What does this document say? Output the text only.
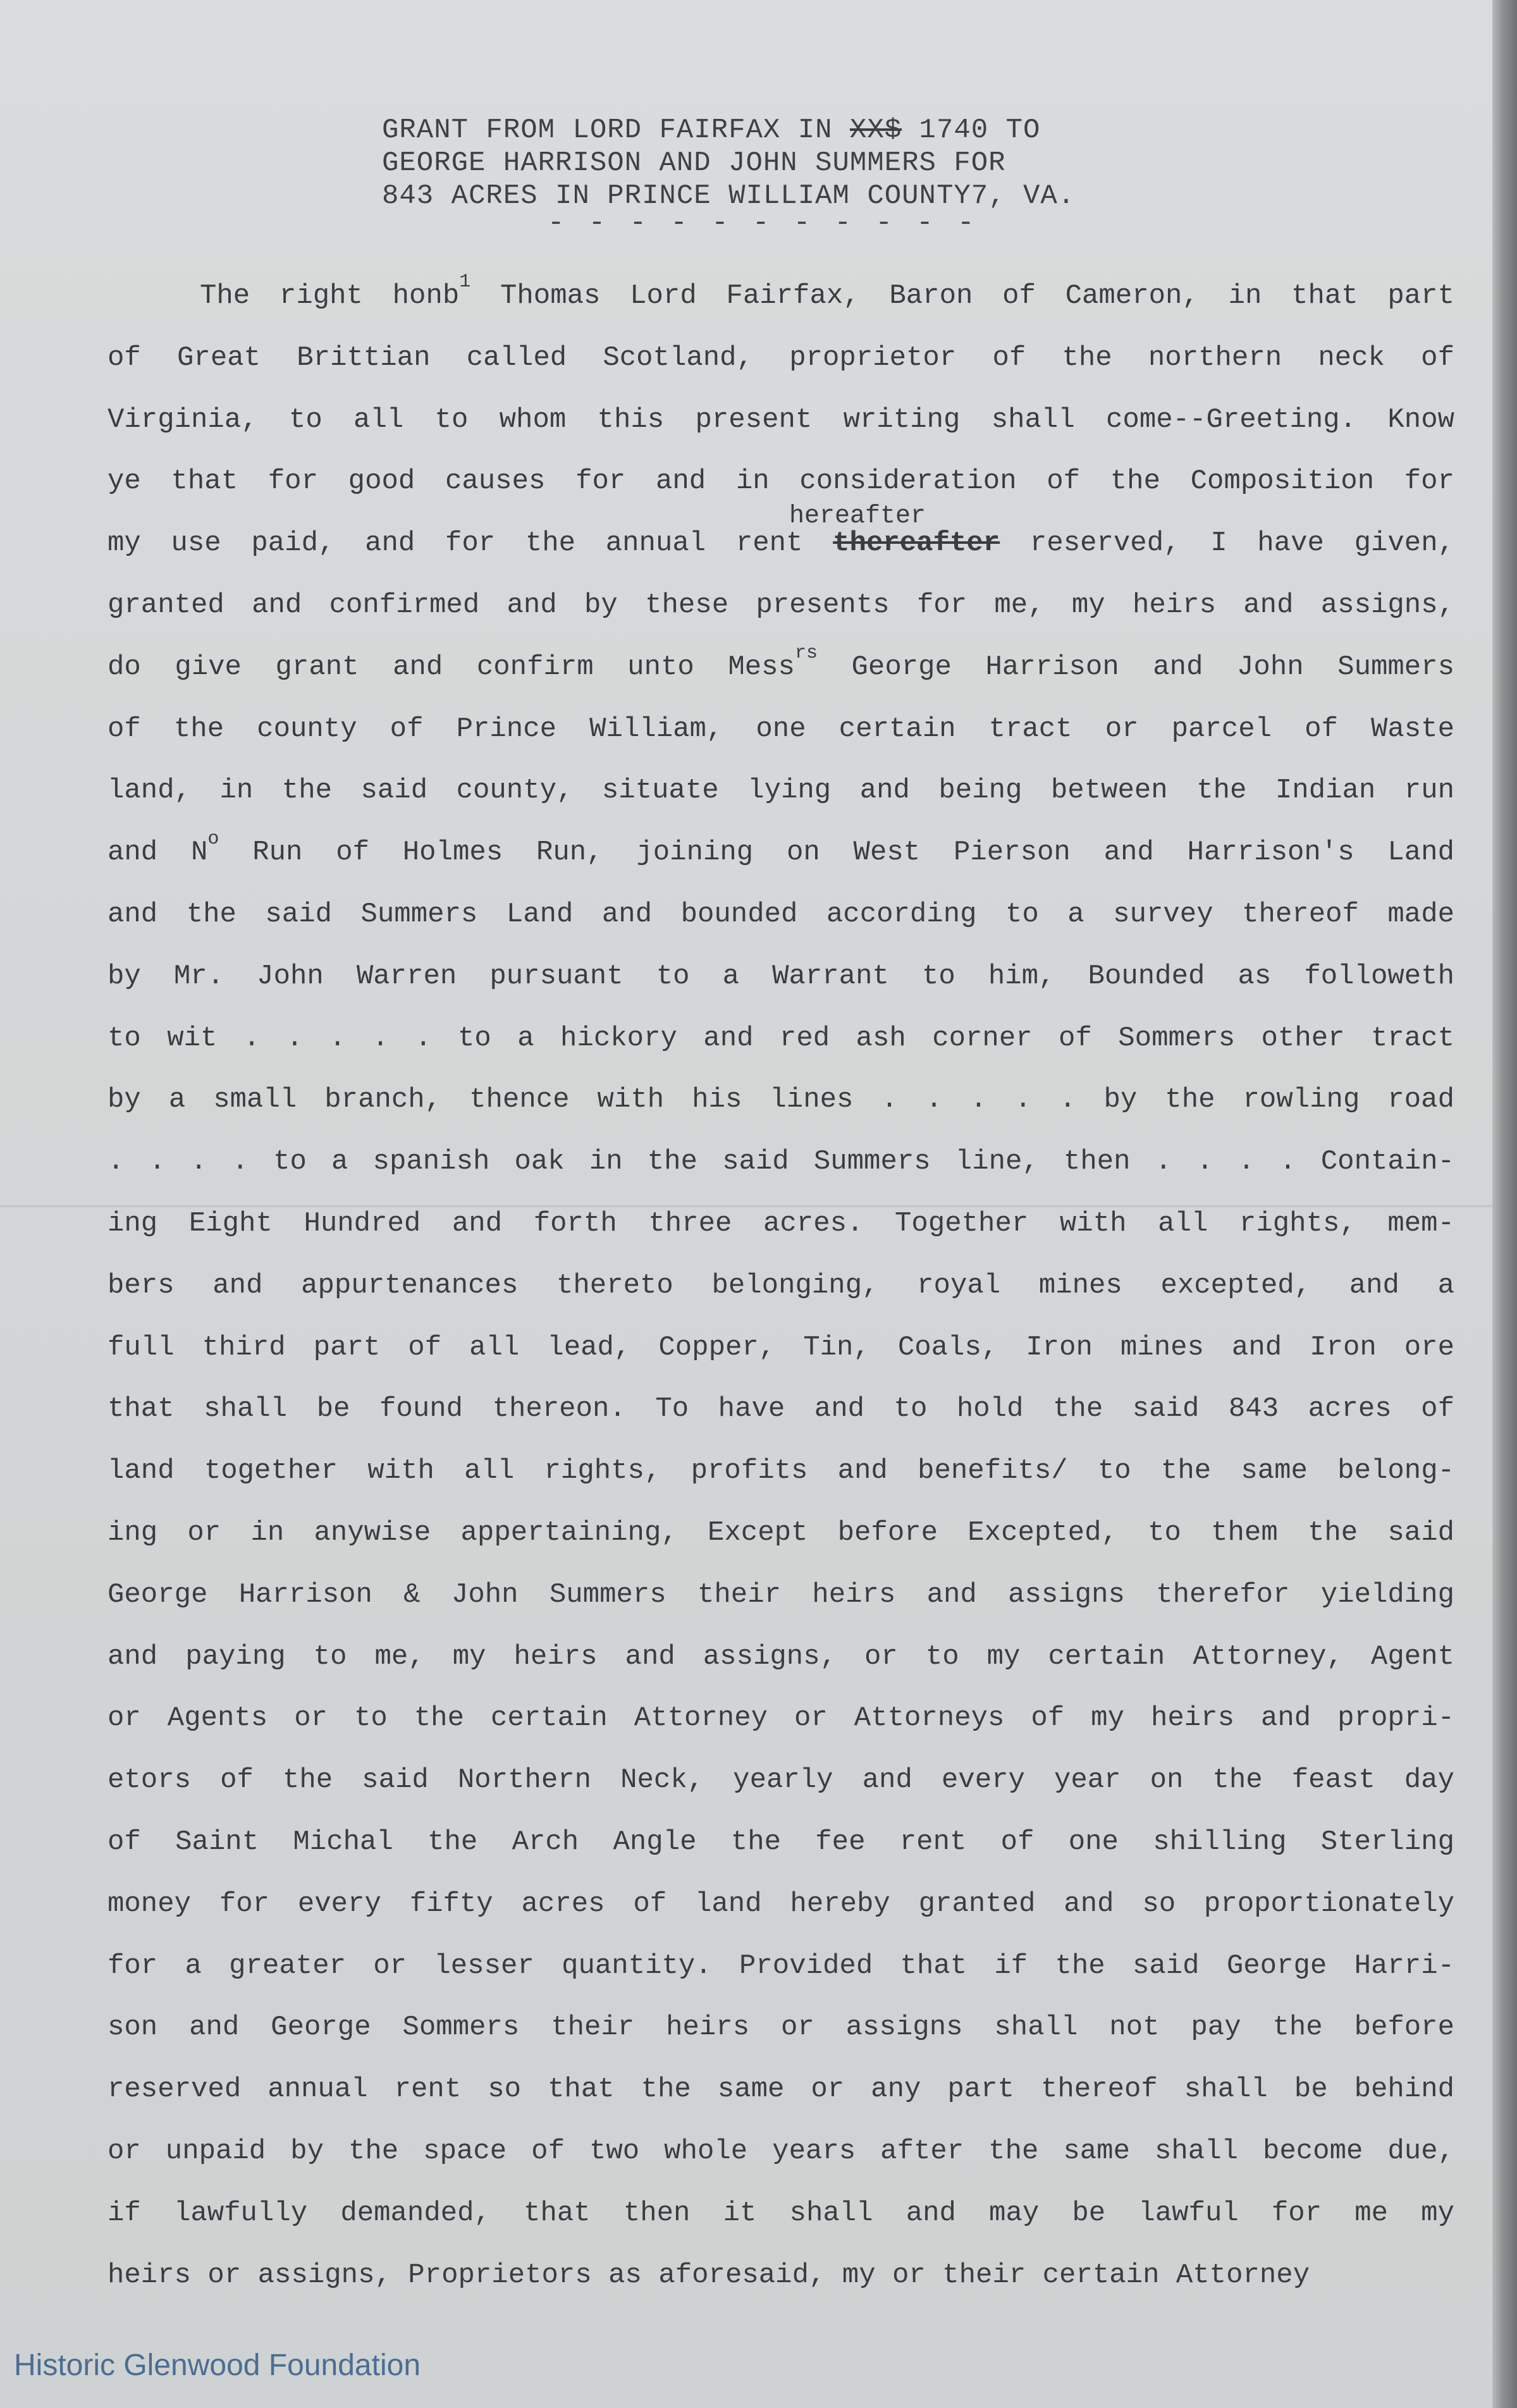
GRANT FROM LORD FAIRFAX IN XX$ 1740 TO
GEORGE HARRISON AND JOHN SUMMERS FOR
843 ACRES IN PRINCE WILLIAM COUNTY7, VA.
- - - - - - - - - - -
The right honb$^1$ Thomas Lord Fairfax, Baron of Cameron, in that part
of Great Brittian called Scotland, proprietor of the northern neck of
Virginia, to all to whom this present writing shall come--Greeting. Know
ye that for good causes for and in consideration of the Composition for
hereafter
my use paid, and for the annual rent thereafter reserved, I have given,
granted and confirmed and by these presents for me, my heirs and assigns,
do give grant and confirm unto Mess$^{rs}$ George Harrison and John Summers
of the county of Prince William, one certain tract or parcel of Waste
land, in the said county, situate lying and being between the Indian run
and $N^o$ Run of Holmes Run, joining on West Pierson and Harrison's Land
and the said Summers Land and bounded according to a survey thereof made
by Mr. John Warren pursuant to a Warrant to him, Bounded as followeth
to wit . . . . . to a hickory and red ash corner of Sommers other tract
by a small branch, thence with his lines . . . . . by the rowling road
. . . . to a spanish oak in the said Summers line, then . . . . Contain-
ing Eight Hundred and forth three acres. Together with all rights, mem-
bers and appurtenances thereto belonging, royal mines excepted, and a
full third part of all lead, Copper, Tin, Coals, Iron mines and Iron ore
that shall be found thereon. To have and to hold the said 843 acres of
land together with all rights, profits and benefits/ to the same belong-
ing or in anywise appertaining, Except before Excepted, to them the said
George Harrison & John Summers their heirs and assigns therefor yielding
and paying to me, my heirs and assigns, or to my certain Attorney, Agent
or Agents or to the certain Attorney or Attorneys of my heirs and propri-
etors of the said Northern Neck, yearly and every year on the feast day
of Saint Michal the Arch Angle the fee rent of one shilling Sterling
money for every fifty acres of land hereby granted and so proportionately
for a greater or lesser quantity. Provided that if the said George Harri-
son and George Sommers their heirs or assigns shall not pay the before
reserved annual rent so that the same or any part thereof shall be behind
or unpaid by the space of two whole years after the same shall become due,
if lawfully demanded, that then it shall and may be lawful for me my
heirs or assigns, Proprietors as aforesaid, my or their certain Attorney
Historic Glenwood Foundation
